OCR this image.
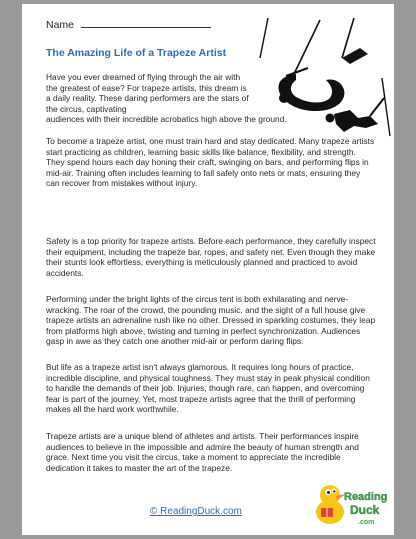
Name
The Amazing Life of a Trapeze Artist

Have you ever dreamed of flying through the air with the greatest of ease? For trapeze artists, this dream is a daily reality. These daring performers are the stars of the circus, captivating
audiences with their incredible acrobatics high above the ground.

To become a trapeze artist, one must train hard and stay dedicated. Many trapeze artists start practicing as children, learning basic skills like balance, flexibility, and strength. They spend hours each day honing their craft, swinging on bars, and performing flips in mid-air. Training often includes learning to fall safely onto nets or mats, ensuring they can recover from mistakes without injury.

Safety is a top priority for trapeze artists. Before each performance, they carefully inspect their equipment, including the trapeze bar, ropes, and safety net. Even though they make their stunts look effortless, everything is meticulously planned and practiced to avoid accidents.

Performing under the bright lights of the circus tent is both exhilarating and nerve-wracking. The roar of the crowd, the pounding music, and the sight of a full house give trapeze artists an adrenaline rush like no other. Dressed in sparkling costumes, they leap from platforms high above, twisting and turning in perfect synchronization. Audiences gasp in awe as they catch one another mid-air or perform daring flips.

But life as a trapeze artist isn't always glamorous. It requires long hours of practice, incredible discipline, and physical toughness. They must stay in peak physical condition to handle the demands of their job. Injuries, though rare, can happen, and overcoming fear is part of the journey. Yet, most trapeze artists agree that the thrill of performing makes all the hard work worthwhile.

Trapeze artists are a unique blend of athletes and artists. Their performances inspire audiences to believe in the impossible and admire the beauty of human strength and grace. Next time you visit the circus, take a moment to appreciate the incredible dedication it takes to master the art of the trapeze.

© ReadingDuck.com
Reading
Duck
.com
